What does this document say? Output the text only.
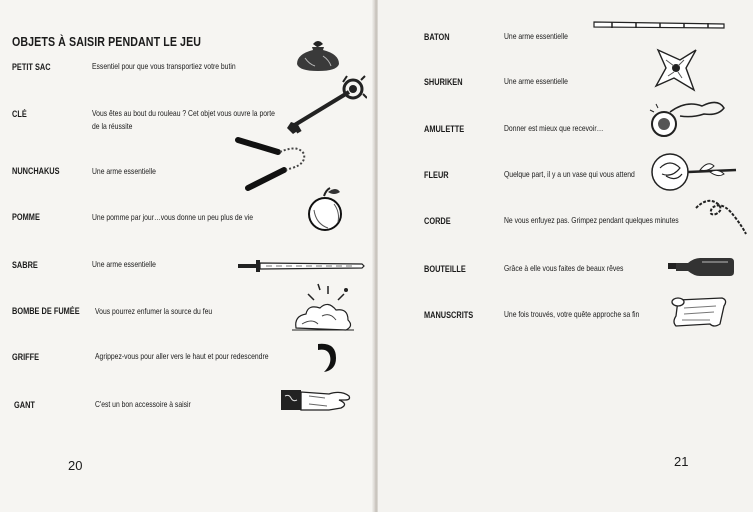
OBJETS À SAISIR PENDANT LE JEU
PETIT SAC	Essentiel pour que vous transportiez votre butin
CLÉ	Vous êtes au bout du rouleau ? Cet objet vous ouvre la porte
de la réussite
NUNCHAKUS	Une arme essentielle
POMME	Une pomme par jour…vous donne un peu plus de vie
SABRE	Une arme essentielle
BOMBE DE FUMÉE Vous pourrez enfumer la source du feu
GRIFFE	Agrippez-vous pour aller vers le haut et pour redescendre
GANT	C'est un bon accessoire à saisir
20
BATON	Une arme essentielle
SHURIKEN	Une arme essentielle
AMULETTE	Donner est mieux que recevoir…
FLEUR	Quelque part, il y a un vase qui vous attend
CORDE	Ne vous enfuyez pas. Grimpez pendant quelques minutes
BOUTEILLE	Grâce à elle vous faites de beaux rêves
MANUSCRITS	Une fois trouvés, votre quête approche sa fin
21
